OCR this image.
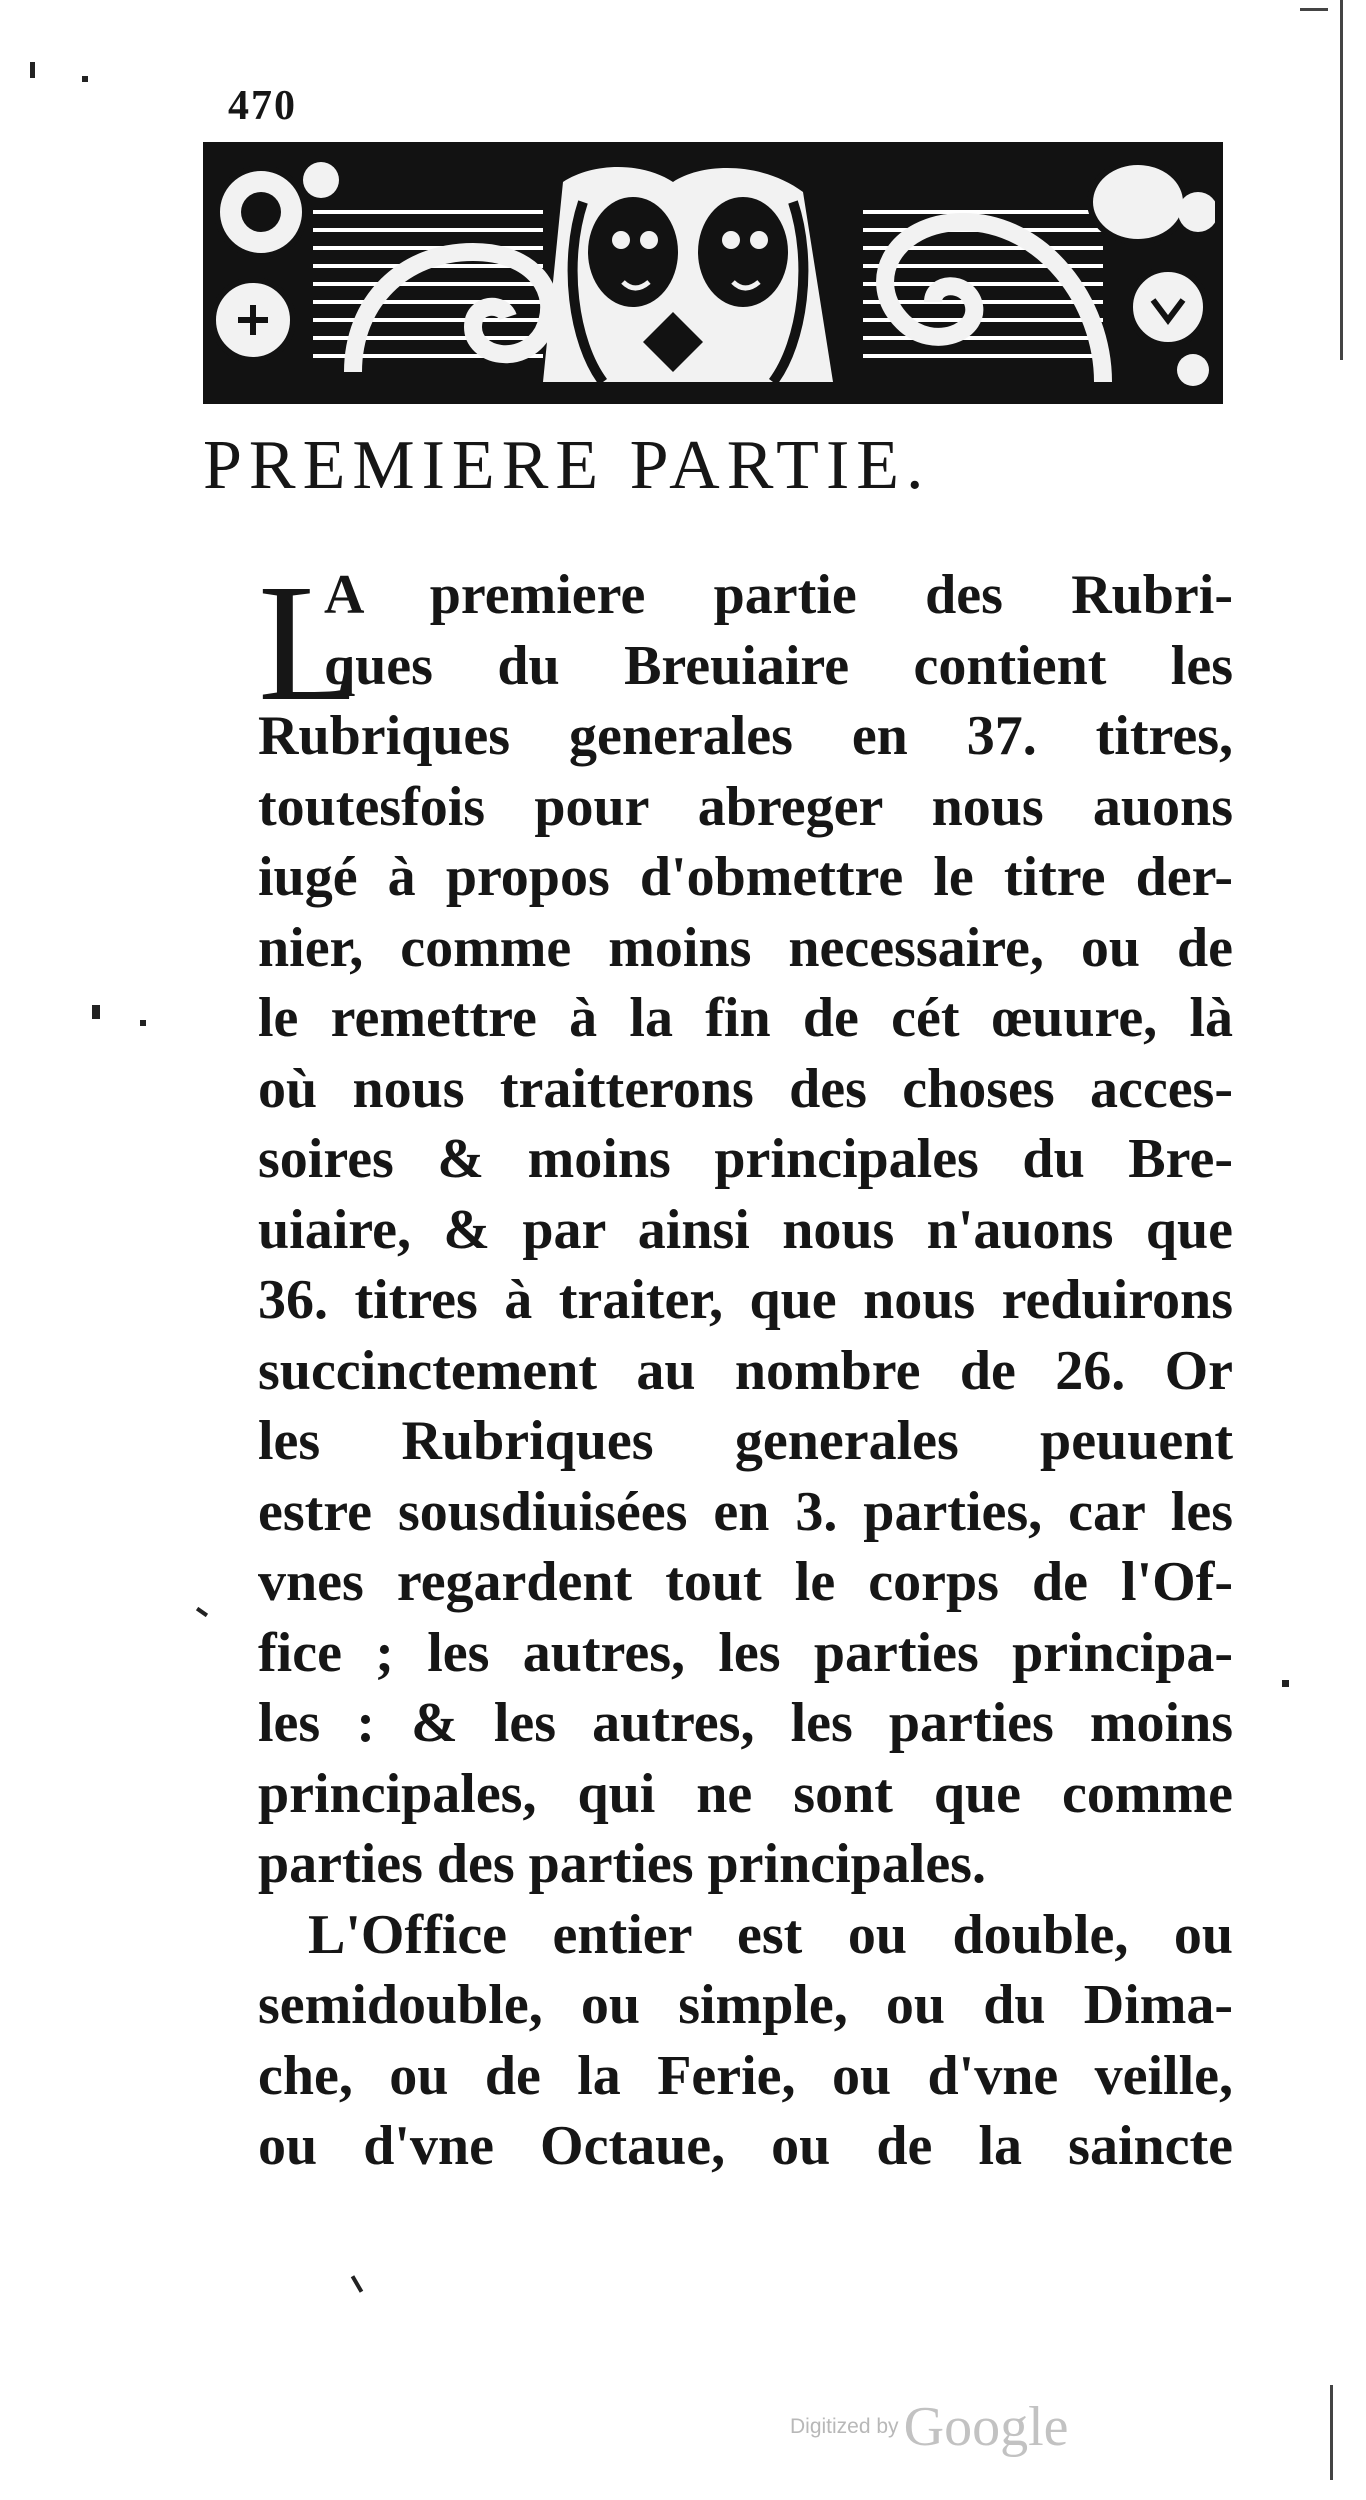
470
PREMIERE PARTIE.
L
A premiere partie des Rubri-
ques du Breuiaire contient les
Rubriques generales en 37. titres,
toutesfois pour abreger nous auons
iugé à propos d'obmettre le titre der-
nier, comme moins necessaire, ou de
le remettre à la fin de cét œuure, là
où nous traitterons des choses acces-
soires & moins principales du Bre-
uiaire, & par ainsi nous n'auons que
36. titres à traiter, que nous reduirons
succinctement au nombre de 26. Or
les Rubriques generales peuuent
estre sousdiuisées en 3. parties, car les
vnes regardent tout le corps de l'Of-
fice ; les autres, les parties principa-
les : & les autres, les parties moins
principales, qui ne sont que comme
parties des parties principales.
L'Office entier est ou double, ou
semidouble, ou simple, ou du Dima-
che, ou de la Ferie, ou d'vne veille,
ou d'vne Octaue, ou de la saincte
Digitized by Google
